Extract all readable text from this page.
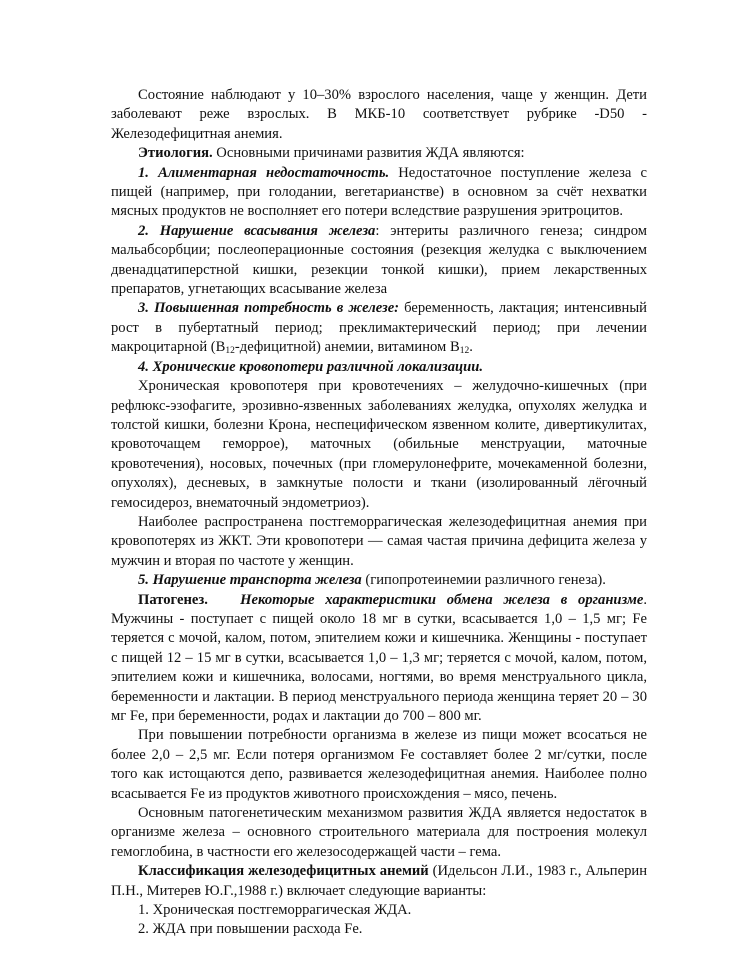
Состояние наблюдают у 10–30% взрослого населения, чаще у женщин. Дети заболевают реже взрослых. В МКБ-10 соответствует рубрике -D50 - Железодефицитная анемия.

Этиология. Основными причинами развития ЖДА являются:

1. Алиментарная недостаточность. Недостаточное поступление железа с пищей (например, при голодании, вегетарианстве) в основном за счёт нехватки мясных продуктов не восполняет его потери вследствие разрушения эритроцитов.

2. Нарушение всасывания железа: энтериты различного генеза; синдром мальабсорбции; послеоперационные состояния (резекция желудка с выключением двенадцатиперстной кишки, резекции тонкой кишки), прием лекарственных препаратов, угнетающих всасывание железа

3. Повышенная потребность в железе: беременность, лактация; интенсивный рост в пубертатный период; преклимактерический период; при лечении макроцитарной $(B_{12}-дефицитной)$ анемии, витамином $B_{12}$.

4. Хронические кровопотери различной локализации.

Хроническая кровопотеря при кровотечениях – желудочно-кишечных (при рефлюкс-эзофагите, эрозивно-язвенных заболеваниях желудка, опухолях желудка и толстой кишки, болезни Крона, неспецифическом язвенном колите, дивертикулитах, кровоточащем геморрое), маточных (обильные менструации, маточные кровотечения), носовых, почечных (при гломерулонефрите, мочекаменной болезни, опухолях), десневых, в замкнутые полости и ткани (изолированный лёгочный гемосидероз, внематочный эндометриоз).

Наиболее распространена постгеморрагическая железодефицитная анемия при кровопотерях из ЖКТ. Эти кровопотери — самая частая причина дефицита железа у мужчин и вторая по частоте у женщин.

5. Нарушение транспорта железа (гипопротеинемии различного генеза).

Патогенез. Некоторые характеристики обмена железа в организме. Мужчины - поступает с пищей около 18 мг в сутки, всасывается 1,0 – 1,5 мг; Fe теряется с мочой, калом, потом, эпителием кожи и кишечника. Женщины - поступает с пищей 12 – 15 мг в сутки, всасывается 1,0 – 1,3 мг; теряется с мочой, калом, потом, эпителием кожи и кишечника, волосами, ногтями, во время менструального цикла, беременности и лактации. В период менструального периода женщина теряет 20 – 30 мг Fe, при беременности, родах и лактации до 700 – 800 мг.

При повышении потребности организма в железе из пищи может всосаться не более 2,0 – 2,5 мг. Если потеря организмом Fe составляет более 2 мг/сутки, после того как истощаются депо, развивается железодефицитная анемия. Наиболее полно всасывается Fe из продуктов животного происхождения – мясо, печень.

Основным патогенетическим механизмом развития ЖДА является недостаток в организме железа – основного строительного материала для построения молекул гемоглобина, в частности его железосодержащей части – гема.

Классификация железодефицитных анемий (Идельсон Л.И., 1983 г., Альперин П.Н., Митерев Ю.Г.,1988 г.) включает следующие варианты:

1. Хроническая постгеморрагическая ЖДА.

2. ЖДА при повышении расхода Fe.
